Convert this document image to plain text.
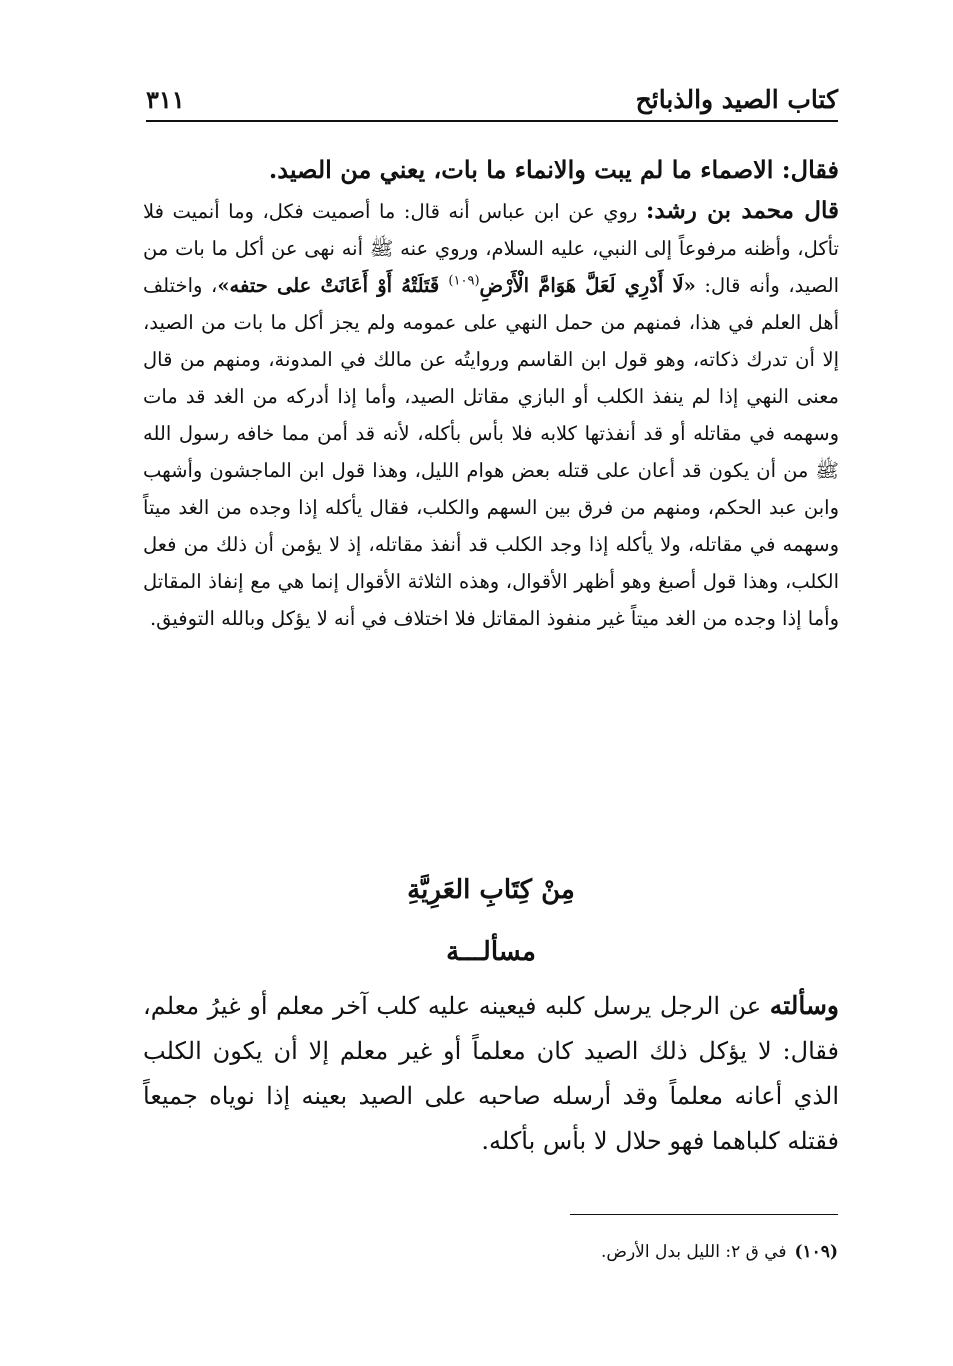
كتاب الصيد والذبائح
٣١١

فقال: الاصماء ما لم يبت والانماء ما بات، يعني من الصيد.

قال محمد بن رشد: روي عن ابن عباس أنه قال: ما أصميت فكل، وما أنميت فلا تأكل، وأظنه مرفوعاً إلى النبي، عليه السلام، وروي عنه ﷺ أنه نهى عن أكل ما بات من الصيد، وأنه قال: «لَا أَدْرِي لَعَلَّ هَوَامَّ الْأَرْضِ$^{(١٠٩)}$ قَتَلَتْهُ أَوْ أَعَانَتْ على حتفه»، واختلف أهل العلم في هذا، فمنهم من حمل النهي على عمومه ولم يجز أكل ما بات من الصيد، إلا أن تدرك ذكاته، وهو قول ابن القاسم وروايتُه عن مالك في المدونة، ومنهم من قال معنى النهي إذا لم ينفذ الكلب أو البازي مقاتل الصيد، وأما إذا أدركه من الغد قد مات وسهمه في مقاتله أو قد أنفذتها كلابه فلا بأس بأكله، لأنه قد أمن مما خافه رسول الله ﷺ من أن يكون قد أعان على قتله بعض هوام الليل، وهذا قول ابن الماجشون وأشهب وابن عبد الحكم، ومنهم من فرق بين السهم والكلب، فقال يأكله إذا وجده من الغد ميتاً وسهمه في مقاتله، ولا يأكله إذا وجد الكلب قد أنفذ مقاتله، إذ لا يؤمن أن ذلك من فعل الكلب، وهذا قول أصبغ وهو أظهر الأقوال، وهذه الثلاثة الأقوال إنما هي مع إنفاذ المقاتل وأما إذا وجده من الغد ميتاً غير منفوذ المقاتل فلا اختلاف في أنه لا يؤكل وبالله التوفيق.

مِنْ كِتَابِ العَرِيَّةِ
مسألـــة

وسألته عن الرجل يرسل كلبه فيعينه عليه كلب آخر معلم أو غيرُ معلم، فقال: لا يؤكل ذلك الصيد كان معلماً أو غير معلم إلا أن يكون الكلب الذي أعانه معلماً وقد أرسله صاحبه على الصيد بعينه إذا نوياه جميعاً فقتله كلباهما فهو حلال لا بأس بأكله.

(١٠٩)في ق ٢: الليل بدل الأرض.
